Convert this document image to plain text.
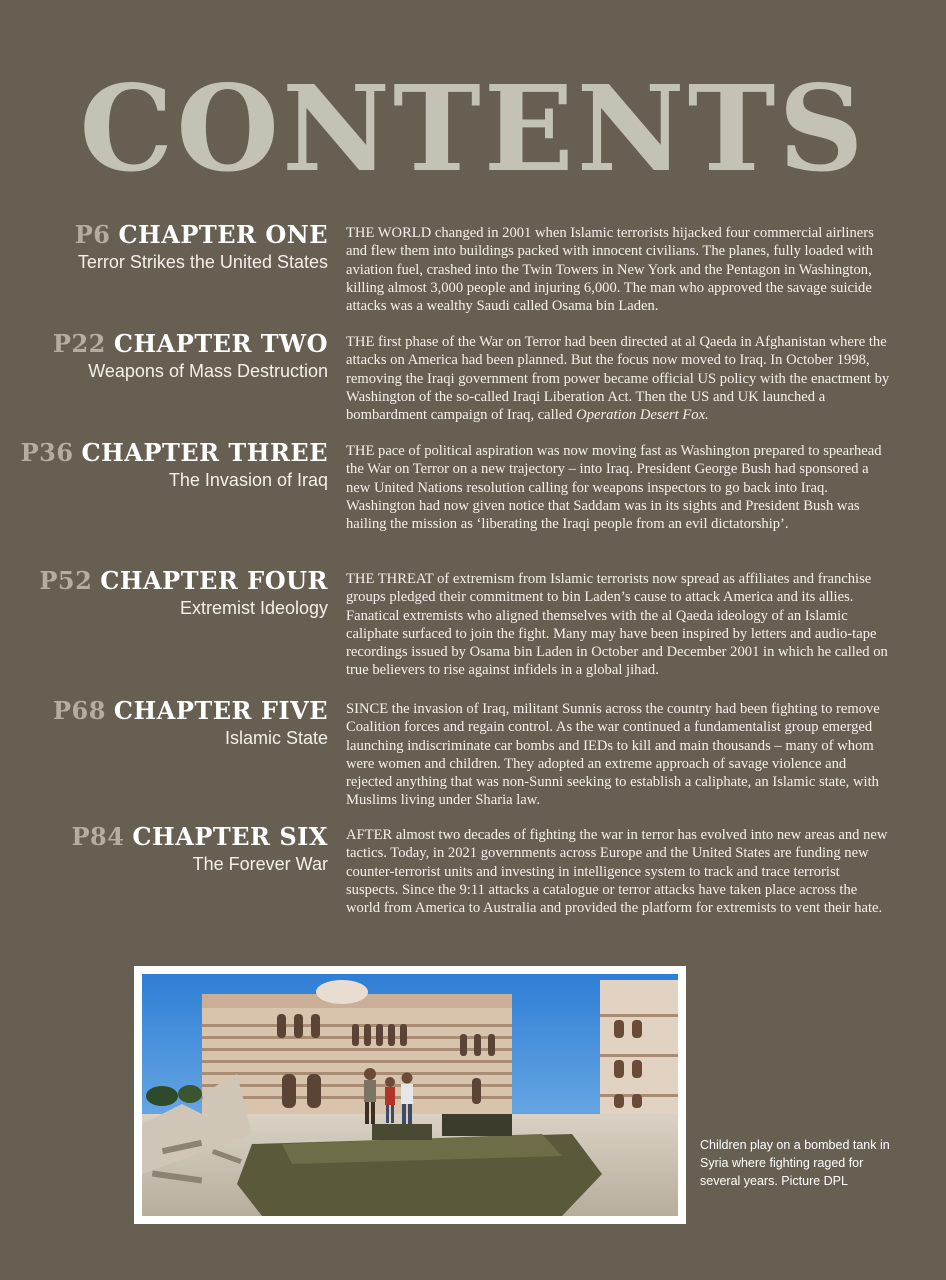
CONTENTS
P6 CHAPTER ONE
Terror Strikes the United States
THE WORLD changed in 2001 when Islamic terrorists hijacked four commercial airliners and flew them into buildings packed with innocent civilians. The planes, fully loaded with aviation fuel, crashed into the Twin Towers in New York and the Pentagon in Washington, killing almost 3,000 people and injuring 6,000. The man who approved the savage suicide attacks was a wealthy Saudi called Osama bin Laden.
P22 CHAPTER TWO
Weapons of Mass Destruction
THE first phase of the War on Terror had been directed at al Qaeda in Afghanistan where the attacks on America had been planned. But the focus now moved to Iraq. In October 1998, removing the Iraqi government from power became official US policy with the enactment by Washington of the so-called Iraqi Liberation Act. Then the US and UK launched a bombardment campaign of Iraq, called Operation Desert Fox.
P36 CHAPTER THREE
The Invasion of Iraq
THE pace of political aspiration was now moving fast as Washington prepared to spearhead the War on Terror on a new trajectory – into Iraq. President George Bush had sponsored a new United Nations resolution calling for weapons inspectors to go back into Iraq. Washington had now given notice that Saddam was in its sights and President Bush was hailing the mission as ‘liberating the Iraqi people from an evil dictatorship’.
P52 CHAPTER FOUR
Extremist Ideology
THE THREAT of extremism from Islamic terrorists now spread as affiliates and franchise groups pledged their commitment to bin Laden’s cause to attack America and its allies. Fanatical extremists who aligned themselves with the al Qaeda ideology of an Islamic caliphate surfaced to join the fight. Many may have been inspired by letters and audio-tape recordings issued by Osama bin Laden in October and December 2001 in which he called on true believers to rise against infidels in a global jihad.
P68 CHAPTER FIVE
Islamic State
SINCE the invasion of Iraq, militant Sunnis across the country had been fighting to remove Coalition forces and regain control. As the war continued a fundamentalist group emerged launching indiscriminate car bombs and IEDs to kill and main thousands – many of whom were women and children. They adopted an extreme approach of savage violence and rejected anything that was non-Sunni seeking to establish a caliphate, an Islamic state, with Muslims living under Sharia law.
P84 CHAPTER SIX
The Forever War
AFTER almost two decades of fighting the war in terror has evolved into new areas and new tactics. Today, in 2021 governments across Europe and the United States are funding new counter-terrorist units and investing in intelligence system to track and trace terrorist suspects. Since the 9:11 attacks a catalogue or terror attacks have taken place across the world from America to Australia and provided the platform for extremists to vent their hate.
Children play on a bombed tank in Syria where fighting raged for several years. Picture DPL
